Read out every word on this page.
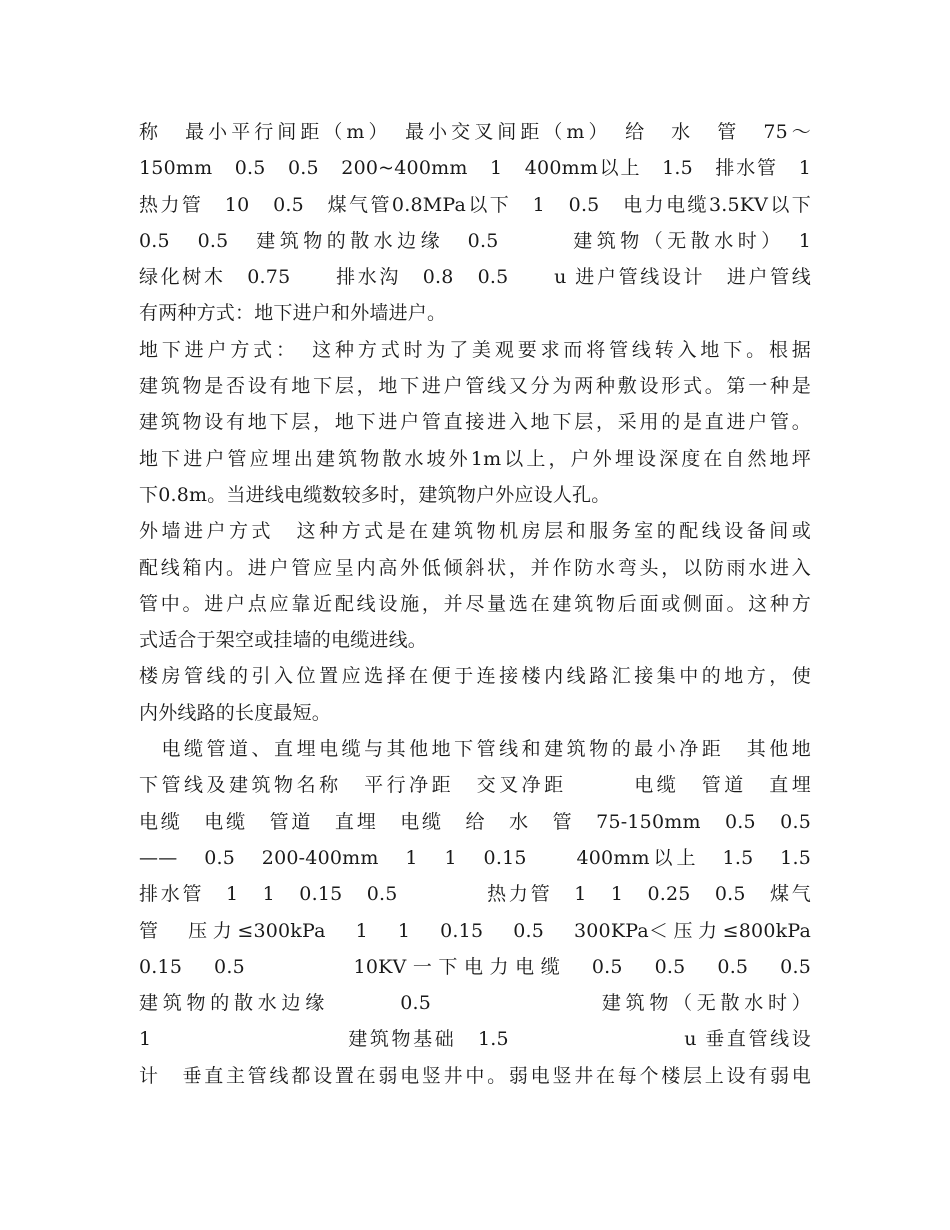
称　最小平行间距（m）　最小交叉间距（m）　给　水　管　75～
150mm　0.5　0.5　200~400mm　1　400mm以上　1.5　排水管　1　
热力管　10　0.5　煤气管0.8MPa以下　1　0.5　电力电缆3.5KV以下
0.5　0.5　建筑物的散水边缘　0.5　　　建筑物（无散水时）　1
绿化树木　0.75　　排水沟　0.8　0.5　　u 进户管线设计　进户管线
有两种方式：地下进户和外墙进户。
地下进户方式：　这种方式时为了美观要求而将管线转入地下。根据
建筑物是否设有地下层，地下进户管线又分为两种敷设形式。第一种是
建筑物设有地下层，地下进户管直接进入地下层，采用的是直进户管。
地下进户管应埋出建筑物散水坡外1m以上，户外埋设深度在自然地坪
下0.8m。当进线电缆数较多时，建筑物户外应设人孔。
外墙进户方式　这种方式是在建筑物机房层和服务室的配线设备间或
配线箱内。进户管应呈内高外低倾斜状，并作防水弯头，以防雨水进入
管中。进户点应靠近配线设施，并尽量选在建筑物后面或侧面。这种方
式适合于架空或挂墙的电缆进线。
楼房管线的引入位置应选择在便于连接楼内线路汇接集中的地方，使
内外线路的长度最短。
　电缆管道、直埋电缆与其他地下管线和建筑物的最小净距　其他地
下管线及建筑物名称　平行净距　交叉净距　　　电缆　管道　直埋
电缆　电缆　管道　直埋　电缆　给　水　管　75-150mm　0.5　0.5
——　0.5　200-400mm　1　1　0.15　　400mm以上　1.5　1.5
排水管　1　1　0.15　0.5　　　　热力管　1　1　0.25　0.5　煤气
管　压力≤300kPa　1　1　0.15　0.5　300KPa＜压力≤800kPa
0.15　0.5　　　　10KV一下电力电缆　0.5　0.5　0.5　0.5
建筑物的散水边缘　　　0.5　　　　　　　建筑物（无散水时）
1　　　　　　　　　建筑物基础　1.5　　　　　　　　u 垂直管线设
计　垂直主管线都设置在弱电竖井中。弱电竖井在每个楼层上设有弱电
